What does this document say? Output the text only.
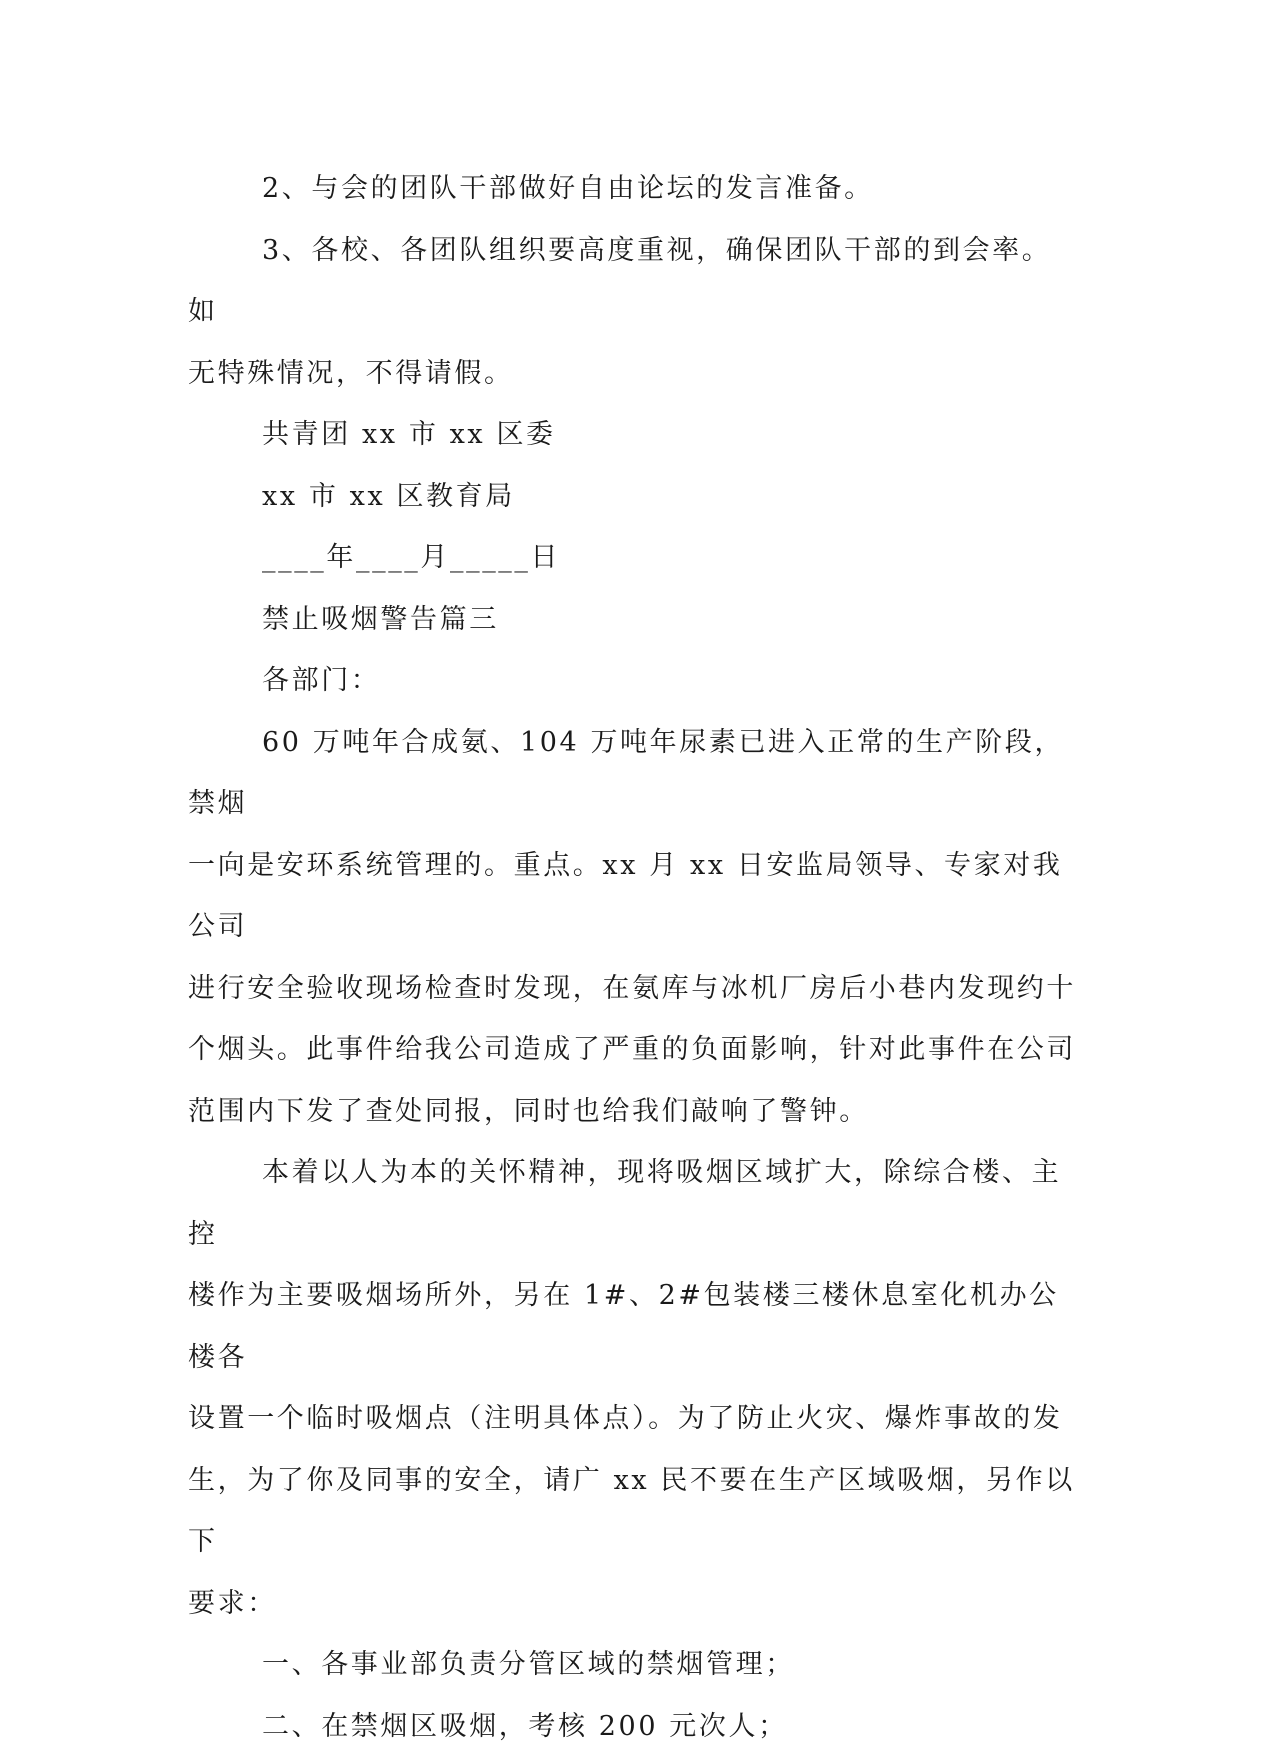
2、与会的团队干部做好自由论坛的发言准备。

3、各校、各团队组织要高度重视，确保团队干部的到会率。如

无特殊情况，不得请假。

共青团 xx 市 xx 区委

xx 市 xx 区教育局

____年____月_____日

禁止吸烟警告篇三

各部门：

60 万吨年合成氨、104 万吨年尿素已进入正常的生产阶段，禁烟

一向是安环系统管理的。重点。xx 月 xx 日安监局领导、专家对我公司

进行安全验收现场检查时发现，在氨库与冰机厂房后小巷内发现约十

个烟头。此事件给我公司造成了严重的负面影响，针对此事件在公司

范围内下发了查处同报，同时也给我们敲响了警钟。

本着以人为本的关怀精神，现将吸烟区域扩大，除综合楼、主控

楼作为主要吸烟场所外，另在 1#、2#包装楼三楼休息室化机办公楼各

设置一个临时吸烟点（注明具体点）。为了防止火灾、爆炸事故的发

生，为了你及同事的安全，请广 xx 民不要在生产区域吸烟，另作以下

要求：

一、各事业部负责分管区域的禁烟管理；

二、在禁烟区吸烟，考核 200 元次人；
